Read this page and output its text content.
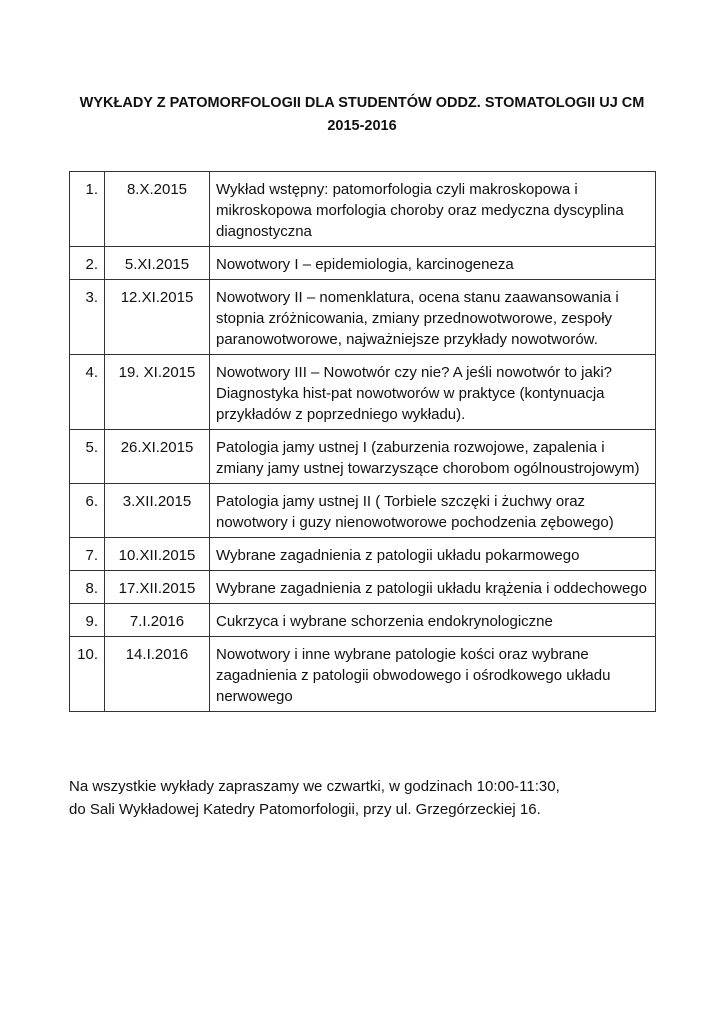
WYKŁADY Z PATOMORFOLOGII DLA STUDENTÓW ODDZ. STOMATOLOGII UJ CM
2015-2016
1.	8.X.2015	Wykład wstępny: patomorfologia czyli makroskopowa i mikroskopowa morfologia choroby oraz medyczna dyscyplina diagnostyczna
2.	5.XI.2015	Nowotwory I – epidemiologia, karcinogeneza
3.	12.XI.2015	Nowotwory II – nomenklatura, ocena stanu zaawansowania i stopnia zróżnicowania, zmiany przednowotworowe, zespoły paranowotworowe, najważniejsze przykłady nowotworów.
4.	19. XI.2015	Nowotwory III – Nowotwór czy nie? A jeśli nowotwór to jaki? Diagnostyka hist-pat nowotworów w praktyce (kontynuacja przykładów z poprzedniego wykładu).
5.	26.XI.2015	Patologia jamy ustnej I (zaburzenia rozwojowe, zapalenia i zmiany jamy ustnej towarzyszące chorobom ogólnoustrojowym)
6.	3.XII.2015	Patologia jamy ustnej II ( Torbiele szczęki i żuchwy oraz nowotwory i guzy nienowotworowe pochodzenia zębowego)
7.	10.XII.2015	Wybrane zagadnienia z patologii układu pokarmowego
8.	17.XII.2015	Wybrane zagadnienia z patologii układu krążenia i oddechowego
9.	7.I.2016	Cukrzyca i wybrane schorzenia endokrynologiczne
10.	14.I.2016	Nowotwory i inne wybrane patologie kości oraz wybrane zagadnienia z patologii obwodowego i ośrodkowego układu nerwowego
Na wszystkie wykłady zapraszamy we czwartki, w godzinach 10:00-11:30,
do Sali Wykładowej Katedry Patomorfologii, przy ul. Grzegórzeckiej 16.
